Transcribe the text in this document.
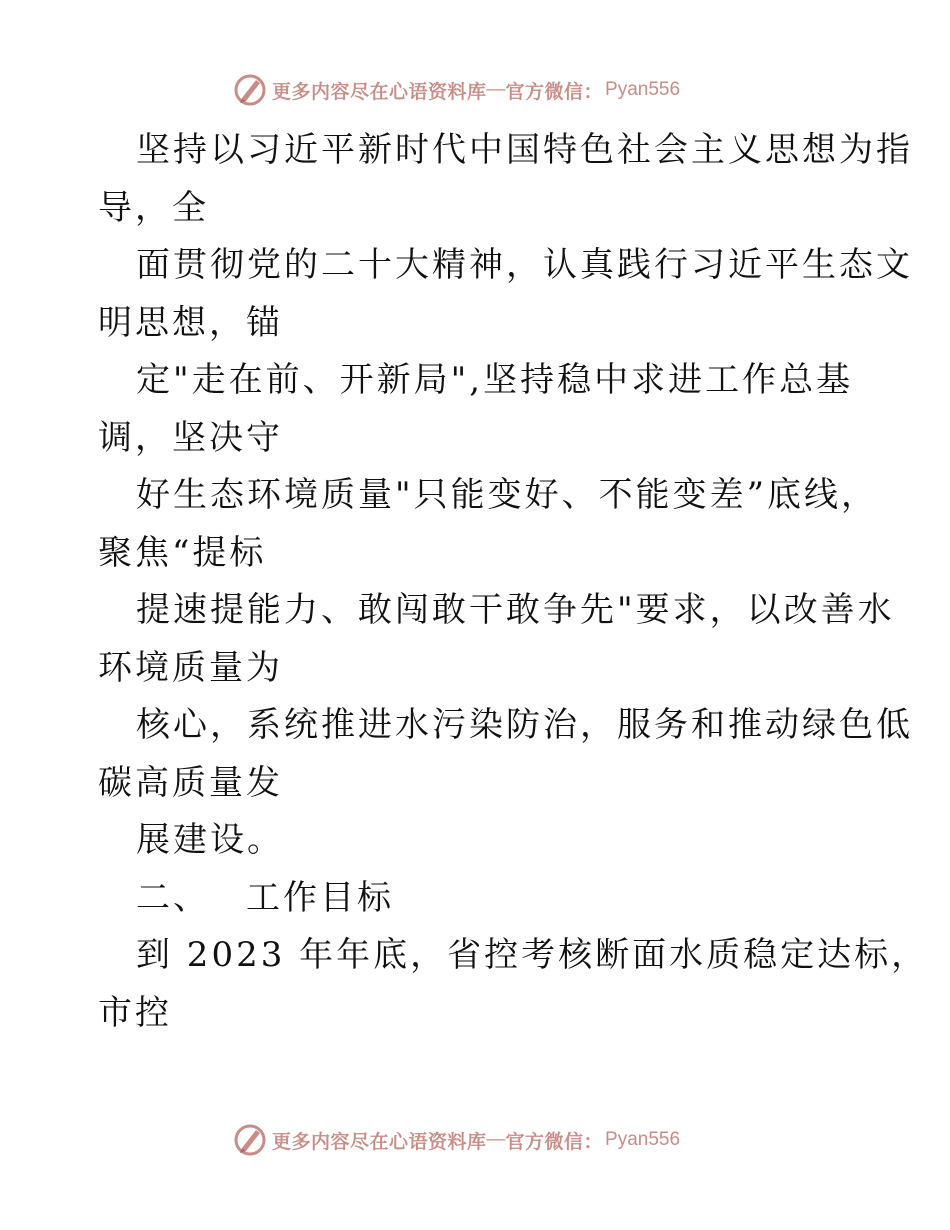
更多内容尽在心语资料库 — 官方微信： Pyan556
坚持以习近平新时代中国特色社会主义思想为指
导，全
面贯彻党的二十大精神，认真践行习近平生态文
明思想，锚
定"走在前、开新局",坚持稳中求进工作总基
调，坚决守
好生态环境质量"只能变好、不能变差”底线，
聚焦“提标
提速提能力、敢闯敢干敢争先"要求，以改善水
环境质量为
核心，系统推进水污染防治，服务和推动绿色低
碳高质量发
展建设。
二、 工作目标
到 2023 年年底，省控考核断面水质稳定达标，
市控
更多内容尽在心语资料库 — 官方微信： Pyan556
